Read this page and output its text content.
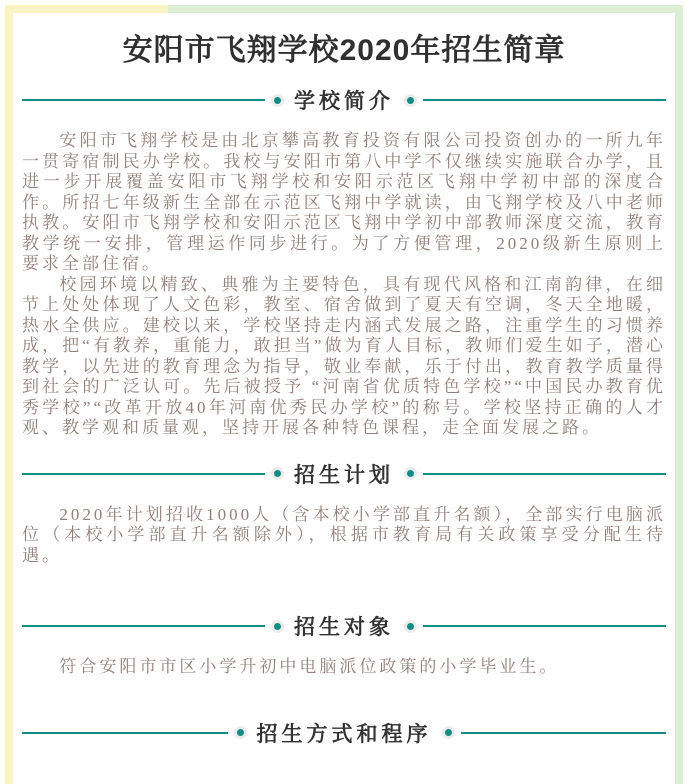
安阳市飞翔学校2020年招生简章
学校简介

安阳市飞翔学校是由北京攀高教育投资有限公司投资创办的一所九年一贯寄宿制民办学校。我校与安阳市第八中学不仅继续实施联合办学，且进一步开展覆盖安阳市飞翔学校和安阳示范区飞翔中学初中部的深度合作。所招七年级新生全部在示范区飞翔中学就读，由飞翔学校及八中老师执教。安阳市飞翔学校和安阳示范区飞翔中学初中部教师深度交流，教育教学统一安排，管理运作同步进行。为了方便管理，2020级新生原则上要求全部住宿。

校园环境以精致、典雅为主要特色，具有现代风格和江南韵律，在细节上处处体现了人文色彩，教室、宿舍做到了夏天有空调，冬天全地暖，热水全供应。建校以来，学校坚持走内涵式发展之路，注重学生的习惯养成，把“有教养，重能力，敢担当”做为育人目标，教师们爱生如子，潜心教学，以先进的教育理念为指导，敬业奉献，乐于付出，教育教学质量得到社会的广泛认可。先后被授予 “河南省优质特色学校”“中国民办教育优秀学校”“改革开放40年河南优秀民办学校”的称号。学校坚持正确的人才观、教学观和质量观，坚持开展各种特色课程，走全面发展之路。

招生计划

2020年计划招收1000人（含本校小学部直升名额），全部实行电脑派位（本校小学部直升名额除外），根据市教育局有关政策享受分配生待遇。

招生对象

符合安阳市市区小学升初中电脑派位政策的小学毕业生。

招生方式和程序
